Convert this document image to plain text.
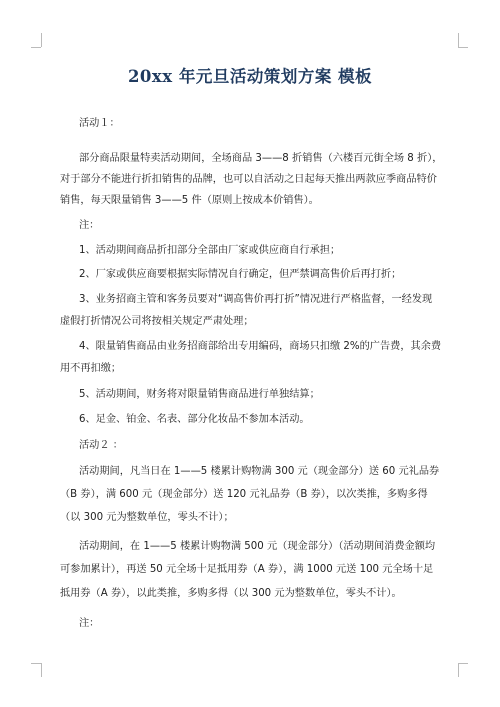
20xx 年元旦活动策划方案 模板
活动１：
部分商品限量特卖活动期间，全场商品 3——8 折销售（六楼百元街全场 8 折），
对于部分不能进行折扣销售的品牌，也可以自活动之日起每天推出两款应季商品特价
销售，每天限量销售 3——5 件（原则上按成本价销售）。
注：
1、活动期间商品折扣部分全部由厂家或供应商自行承担；
2、厂家或供应商要根据实际情况自行确定，但严禁调高售价后再打折；
3、业务招商主管和客务员要对“调高售价再打折”情况进行严格监督，一经发现
虚假打折情况公司将按相关规定严肃处理；
4、限量销售商品由业务招商部给出专用编码，商场只扣缴 2%的广告费，其余费
用不再扣缴；
5、活动期间，财务将对限量销售商品进行单独结算；
6、足金、铂金、名表、部分化妆品不参加本活动。
活动２ ：
活动期间，凡当日在 1——5 楼累计购物满 300 元（现金部分）送 60 元礼品券
（B 券），满 600 元（现金部分）送 120 元礼品券（B 券），以次类推，多购多得
（以 300 元为整数单位，零头不计）；
活动期间，在 1——5 楼累计购物满 500 元（现金部分）（活动期间消费金额均
可参加累计），再送 50 元全场十足抵用券（A 券），满 1000 元送 100 元全场十足
抵用券（A 券），以此类推，多购多得（以 300 元为整数单位，零头不计）。
注：
